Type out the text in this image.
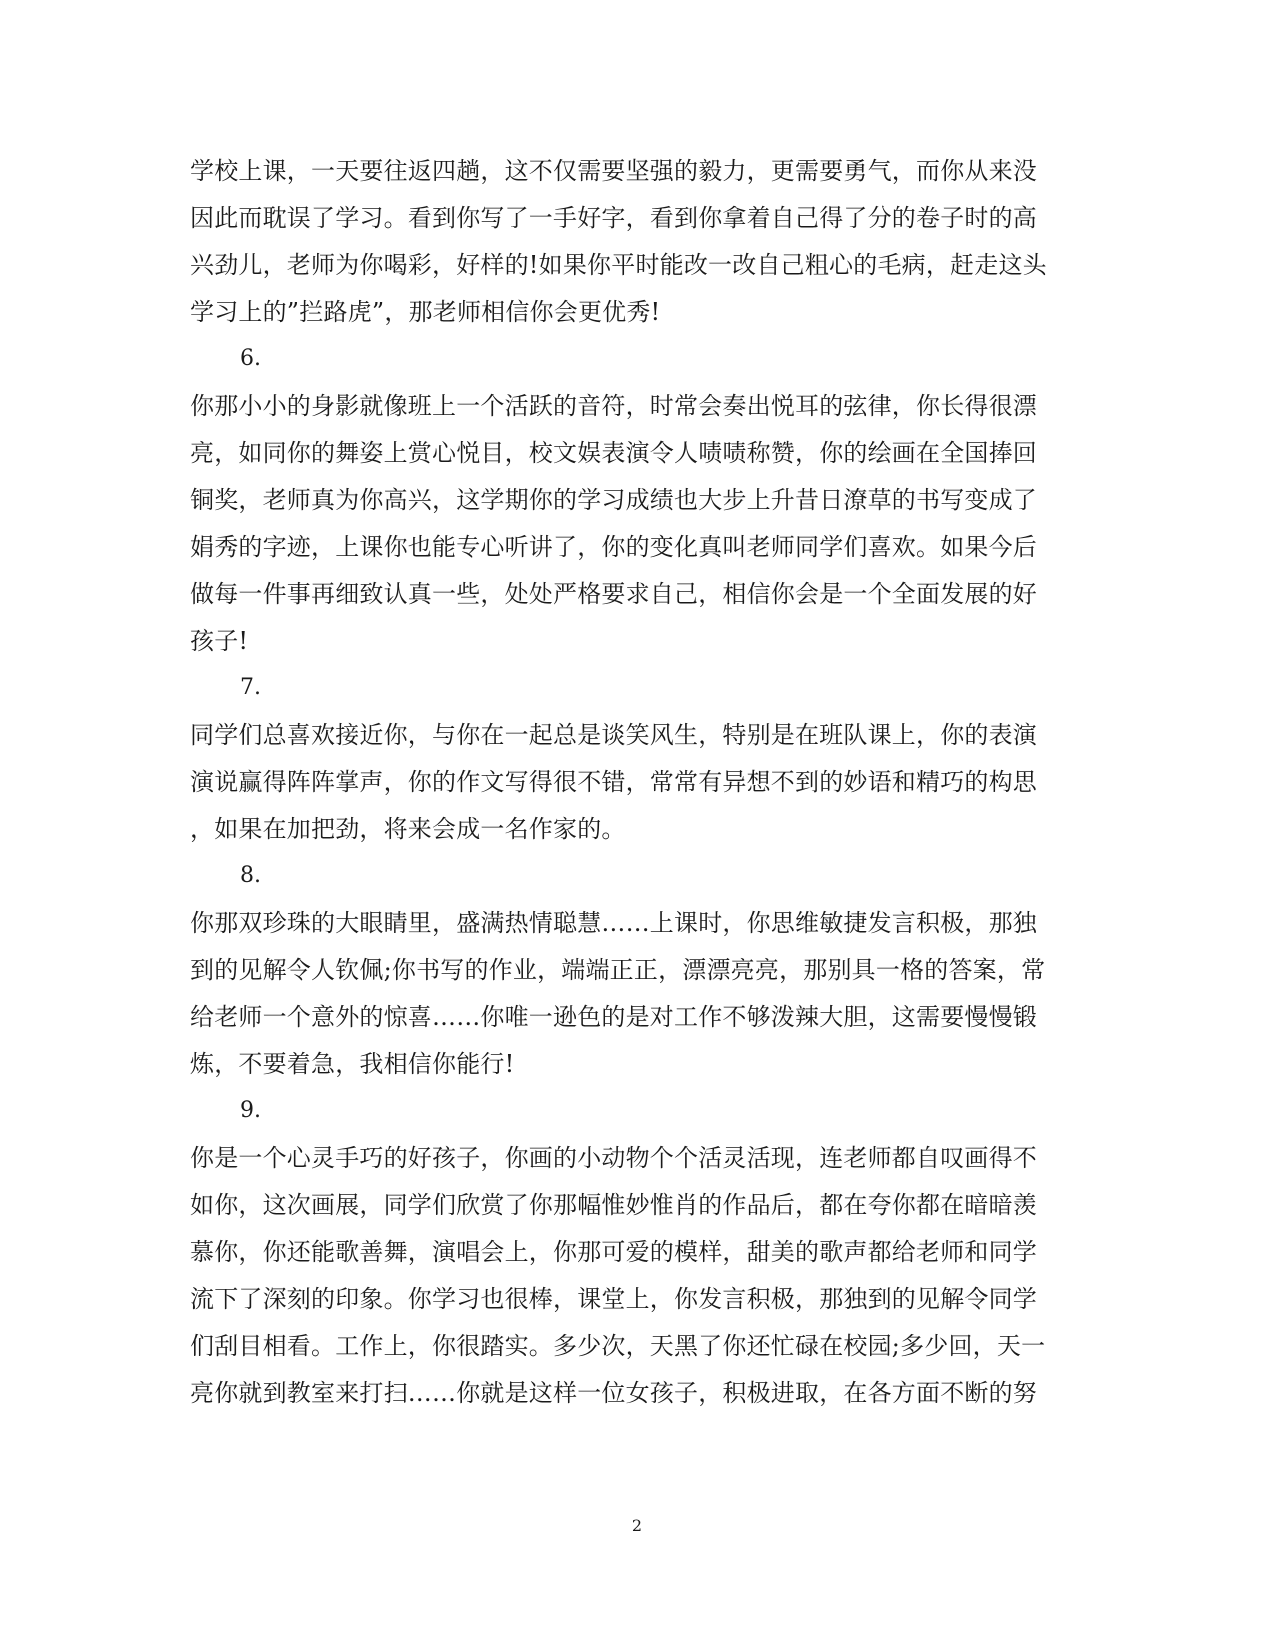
学校上课，一天要往返四趟，这不仅需要坚强的毅力，更需要勇气，而你从来没
因此而耽误了学习。看到你写了一手好字，看到你拿着自己得了分的卷子时的高
兴劲儿，老师为你喝彩，好样的!如果你平时能改一改自己粗心的毛病，赶走这头
学习上的”拦路虎”，那老师相信你会更优秀!
6.
你那小小的身影就像班上一个活跃的音符，时常会奏出悦耳的弦律，你长得很漂
亮，如同你的舞姿上赏心悦目，校文娱表演令人啧啧称赞，你的绘画在全国捧回
铜奖，老师真为你高兴，这学期你的学习成绩也大步上升昔日潦草的书写变成了
娟秀的字迹，上课你也能专心听讲了，你的变化真叫老师同学们喜欢。如果今后
做每一件事再细致认真一些，处处严格要求自己，相信你会是一个全面发展的好
孩子!
7.
同学们总喜欢接近你，与你在一起总是谈笑风生，特别是在班队课上，你的表演
演说赢得阵阵掌声，你的作文写得很不错，常常有异想不到的妙语和精巧的构思
，如果在加把劲，将来会成一名作家的。
8.
你那双珍珠的大眼睛里，盛满热情聪慧……上课时，你思维敏捷发言积极，那独
到的见解令人钦佩;你书写的作业，端端正正，漂漂亮亮，那别具一格的答案，常
给老师一个意外的惊喜……你唯一逊色的是对工作不够泼辣大胆，这需要慢慢锻
炼，不要着急，我相信你能行!
9.
你是一个心灵手巧的好孩子，你画的小动物个个活灵活现，连老师都自叹画得不
如你，这次画展，同学们欣赏了你那幅惟妙惟肖的作品后，都在夸你都在暗暗羡
慕你，你还能歌善舞，演唱会上，你那可爱的模样，甜美的歌声都给老师和同学
流下了深刻的印象。你学习也很棒，课堂上，你发言积极，那独到的见解令同学
们刮目相看。工作上，你很踏实。多少次，天黑了你还忙碌在校园;多少回，天一
亮你就到教室来打扫……你就是这样一位女孩子，积极进取，在各方面不断的努
2
